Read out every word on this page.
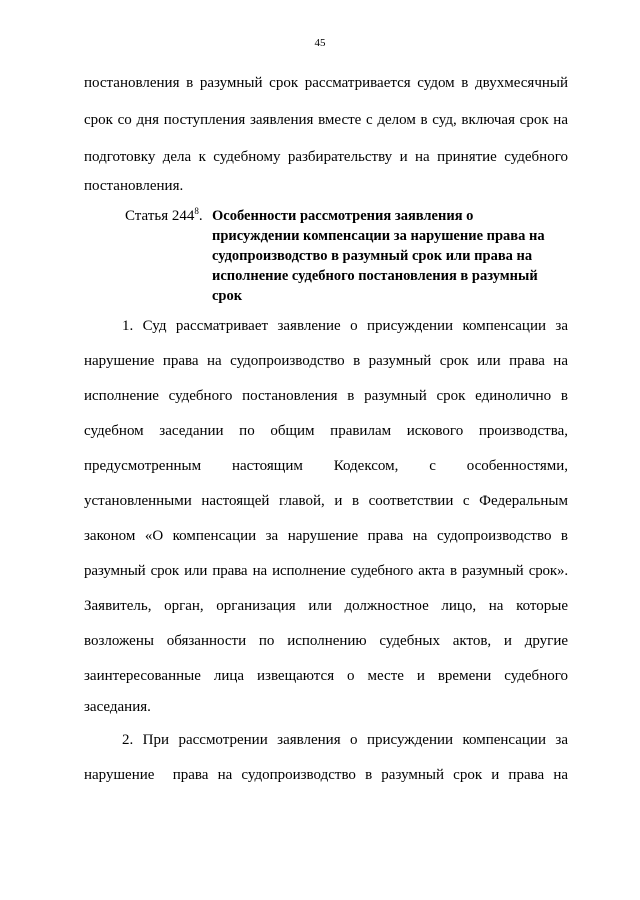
45
постановления в разумный срок рассматривается судом в двухмесячный
срок со дня поступления заявления вместе с делом в суд, включая срок на
подготовку дела к судебному разбирательству и на принятие судебного
постановления.
Статья $244^8$. Особенности рассмотрения заявления о
присуждении компенсации за нарушение права на
судопроизводство в разумный срок или права на
исполнение судебного постановления в разумный
срок
1. Суд рассматривает заявление о присуждении компенсации за
нарушение права на судопроизводство в разумный срок или права на
исполнение судебного постановления в разумный срок единолично в
судебном заседании по общим правилам искового производства,
предусмотренным настоящим Кодексом, с особенностями,
установленными настоящей главой, и в соответствии с Федеральным
законом «О компенсации за нарушение права на судопроизводство в
разумный срок или права на исполнение судебного акта в разумный срок».
Заявитель, орган, организация или должностное лицо, на которые
возложены обязанности по исполнению судебных актов, и другие
заинтересованные лица извещаются о месте и времени судебного
заседания.
2. При рассмотрении заявления о присуждении компенсации за
нарушение  права на судопроизводство в разумный срок и права на
